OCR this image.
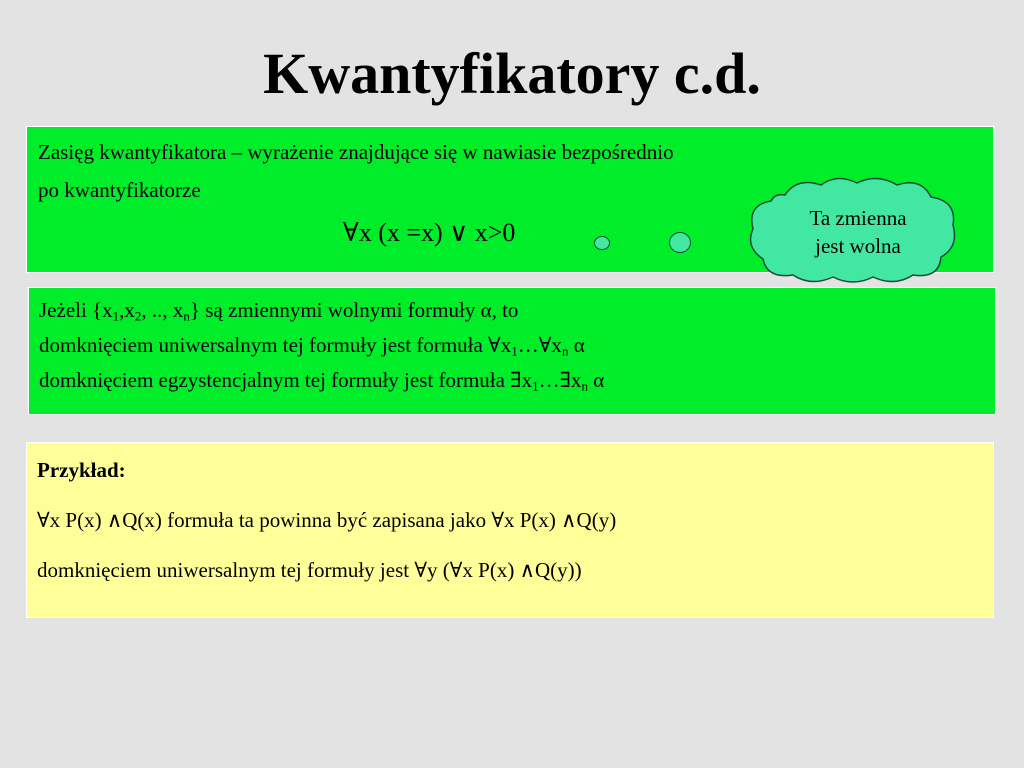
Kwantyfikatory c.d.
Zasięg kwantyfikatora – wyrażenie znajdujące się w nawiasie bezpośrednio
po kwantyfikatorze
∀x (x =x) ∨ x>0
Jeżeli {$x_1,x_2$, .., $x_n$} są zmiennymi wolnymi formuły α, to
domknięciem uniwersalnym tej formuły jest formuła $\forall x_1\dots\forall x_n$ α
domknięciem egzystencjalnym tej formuły jest formuła $\exists x_1\dots\exists x_n$ α
Przykład:
∀x P(x) ∧Q(x) formuła ta powinna być zapisana jako ∀x P(x) ∧Q(y)
domknięciem uniwersalnym tej formuły jest ∀y (∀x P(x) ∧Q(y))
Ta zmienna
jest wolna
